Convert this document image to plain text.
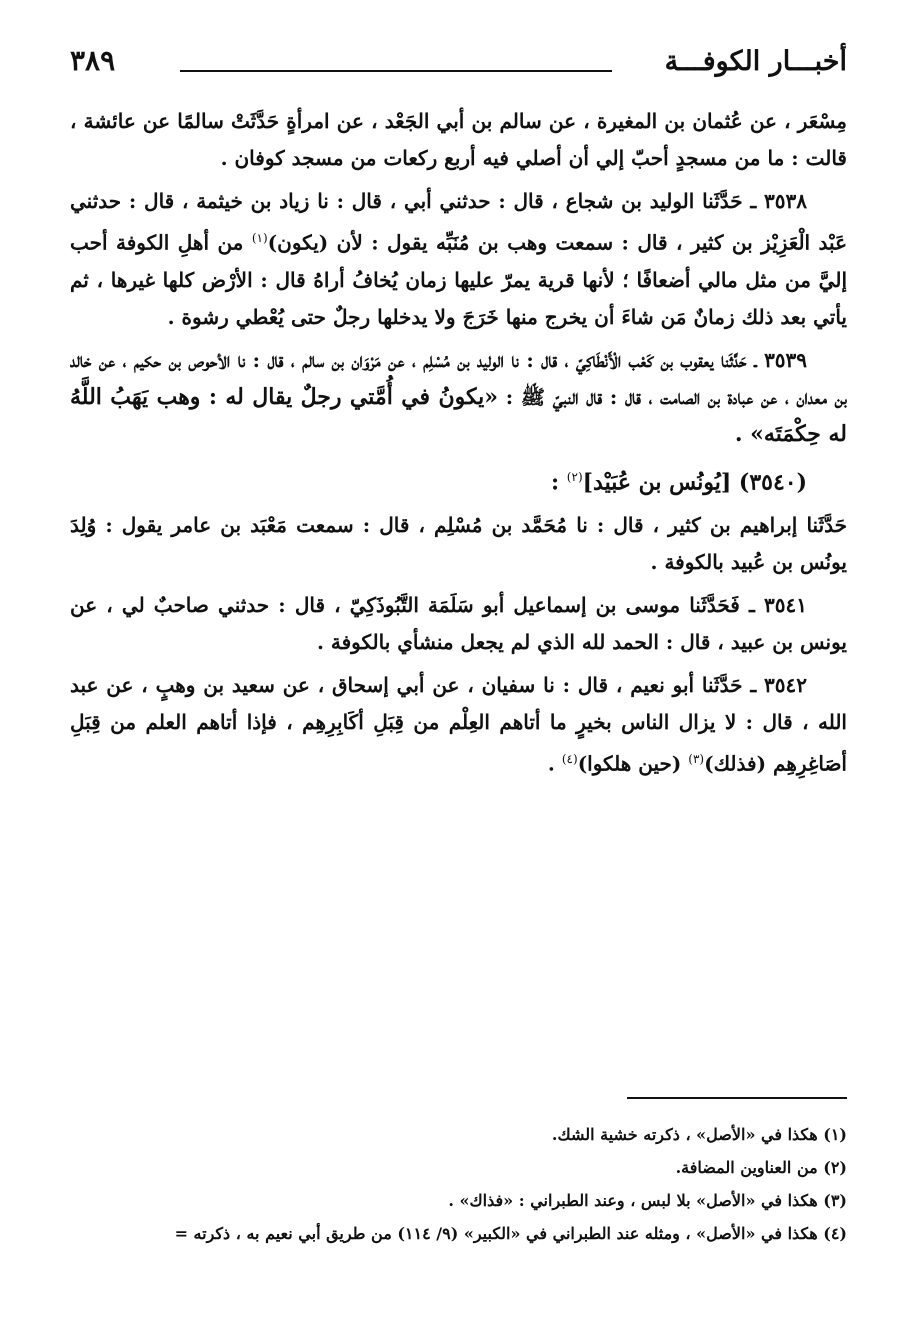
أخبـــار الكوفـــة
٣٨٩

مِسْعَر ، عن عُثمان بن المغيرة ، عن سالم بن أبي الجَعْد ، عن امرأةٍ حَدَّثَتْ سالمًا عن عائشة ، قالت : ما من مسجدٍ أحبّ إلي أن أصلي فيه أربع ركعات من مسجد كوفان .

٣٥٣٨ ـ حَدَّثَنا الوليد بن شجاع ، قال : حدثني أبي ، قال : نا زياد بن خيثمة ، قال : حدثني عَبْد الْعَزِيْز بن كثير ، قال : سمعت وهب بن مُنَبِّه يقول : لأن (يكون)$^{(١)}$ من أهلِ الكوفة أحب إليَّ من مثل مالي أضعافًا ؛ لأنها قرية يمرّ عليها زمان يُخافُ أراهُ قال : الأرْض كلها غيرها ، ثم يأتي بعد ذلك زمانٌ مَن شاءَ أن يخرج منها خَرَجَ ولا يدخلها رجلٌ حتى يُعْطي رشوة .

٣٥٣٩ ـ حَدَّثَنا يعقوب بن كَعْب الْأَنْطَاكِيّ ، قال : نا الوليد بن مُسْلِم ، عن مَرْوَان بن سالم ، قال : نا الأحوص بن حكيم ، عن خالد بن معدان ، عن عبادة بن الصامت ، قال : قال النبيّ ﷺ : «يكونُ في أُمَّتي رجلٌ يقال له : وهب يَهَبُ اللَّهُ له حِكْمَتَه» .

(٣٥٤٠) [يُونُس بن عُبَيْد]$^{(٢)}$ :

حَدَّثَنا إبراهيم بن كثير ، قال : نا مُحَمَّد بن مُسْلِم ، قال : سمعت مَعْبَد بن عامر يقول : وُلِدَ يونُس بن عُبيد بالكوفة .

٣٥٤١ ـ فَحَدَّثَنا موسى بن إسماعيل أبو سَلَمَة التَّبُوذَكِيّ ، قال : حدثني صاحبٌ لي ، عن يونس بن عبيد ، قال : الحمد لله الذي لم يجعل منشأي بالكوفة .

٣٥٤٢ ـ حَدَّثَنا أبو نعيم ، قال : نا سفيان ، عن أبي إسحاق ، عن سعيد بن وهبٍ ، عن عبد الله ، قال : لا يزال الناس بخيرٍ ما أتاهم العِلْم من قِبَلِ أكَابِرِهِم ، فإذا أتاهم العلم من قِبَلِ أصَاغِرِهِم (فذلك)$^{(٣)}$ (حين هلكوا)$^{(٤)}$ .

(١) هكذا في «الأصل» ، ذكرته خشية الشك.

(٢) من العناوين المضافة.

(٣) هكذا في «الأصل» بلا لبس ، وعند الطبراني : «فذاك» .

(٤) هكذا في «الأصل» ، ومثله عند الطبراني في «الكبير» (٩/ ١١٤) من طريق أبي نعيم به ، ذكرته =
